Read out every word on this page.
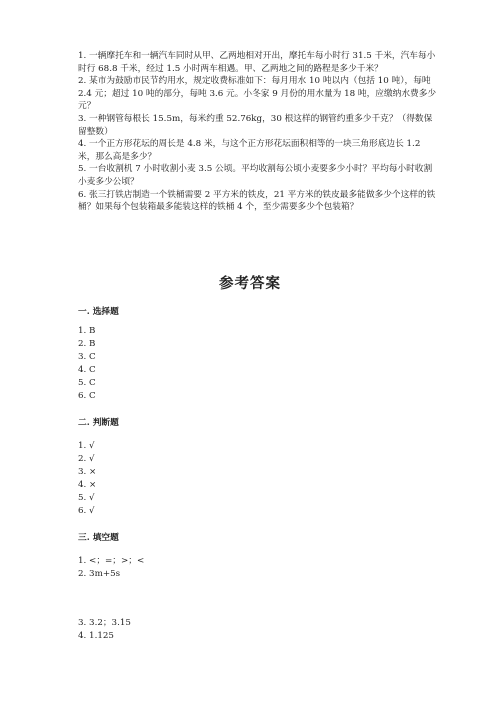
1. 一辆摩托车和一辆汽车同时从甲、乙两地相对开出，摩托车每小时行 31.5 千米，汽车每小时行 68.8 千米，经过 1.5 小时两车相遇。甲、乙两地之间的路程是多少千米？

2. 某市为鼓励市民节约用水，规定收费标准如下：每月用水 10 吨以内（包括 10 吨），每吨 2.4 元；超过 10 吨的部分，每吨 3.6 元。小冬家 9 月份的用水量为 18 吨，应缴纳水费多少元？

3. 一种钢管每根长 15.5m，每米约重 52.76kg，30 根这样的钢管约重多少千克？（得数保留整数）

4. 一个正方形花坛的周长是 4.8 米，与这个正方形花坛面积相等的一块三角形底边长 1.2 米，那么高是多少？

5. 一台收割机 7 小时收割小麦 3.5 公顷。平均收割每公顷小麦要多少小时？平均每小时收割小麦多少公顷？

6. 张三打铁店制造一个铁桶需要 2 平方米的铁皮，21 平方米的铁皮最多能做多少个这样的铁桶？如果每个包装箱最多能装这样的铁桶 4 个，至少需要多少个包装箱？

参考答案
一. 选择题
1. B
2. B
3. C
4. C
5. C
6. C
二. 判断题
1. √
2. √
3. ×
4. ×
5. √
6. √
三. 填空题
1. <；=；>；<
2. 3m+5s
3. 3.2；3.15
4. 1.125
